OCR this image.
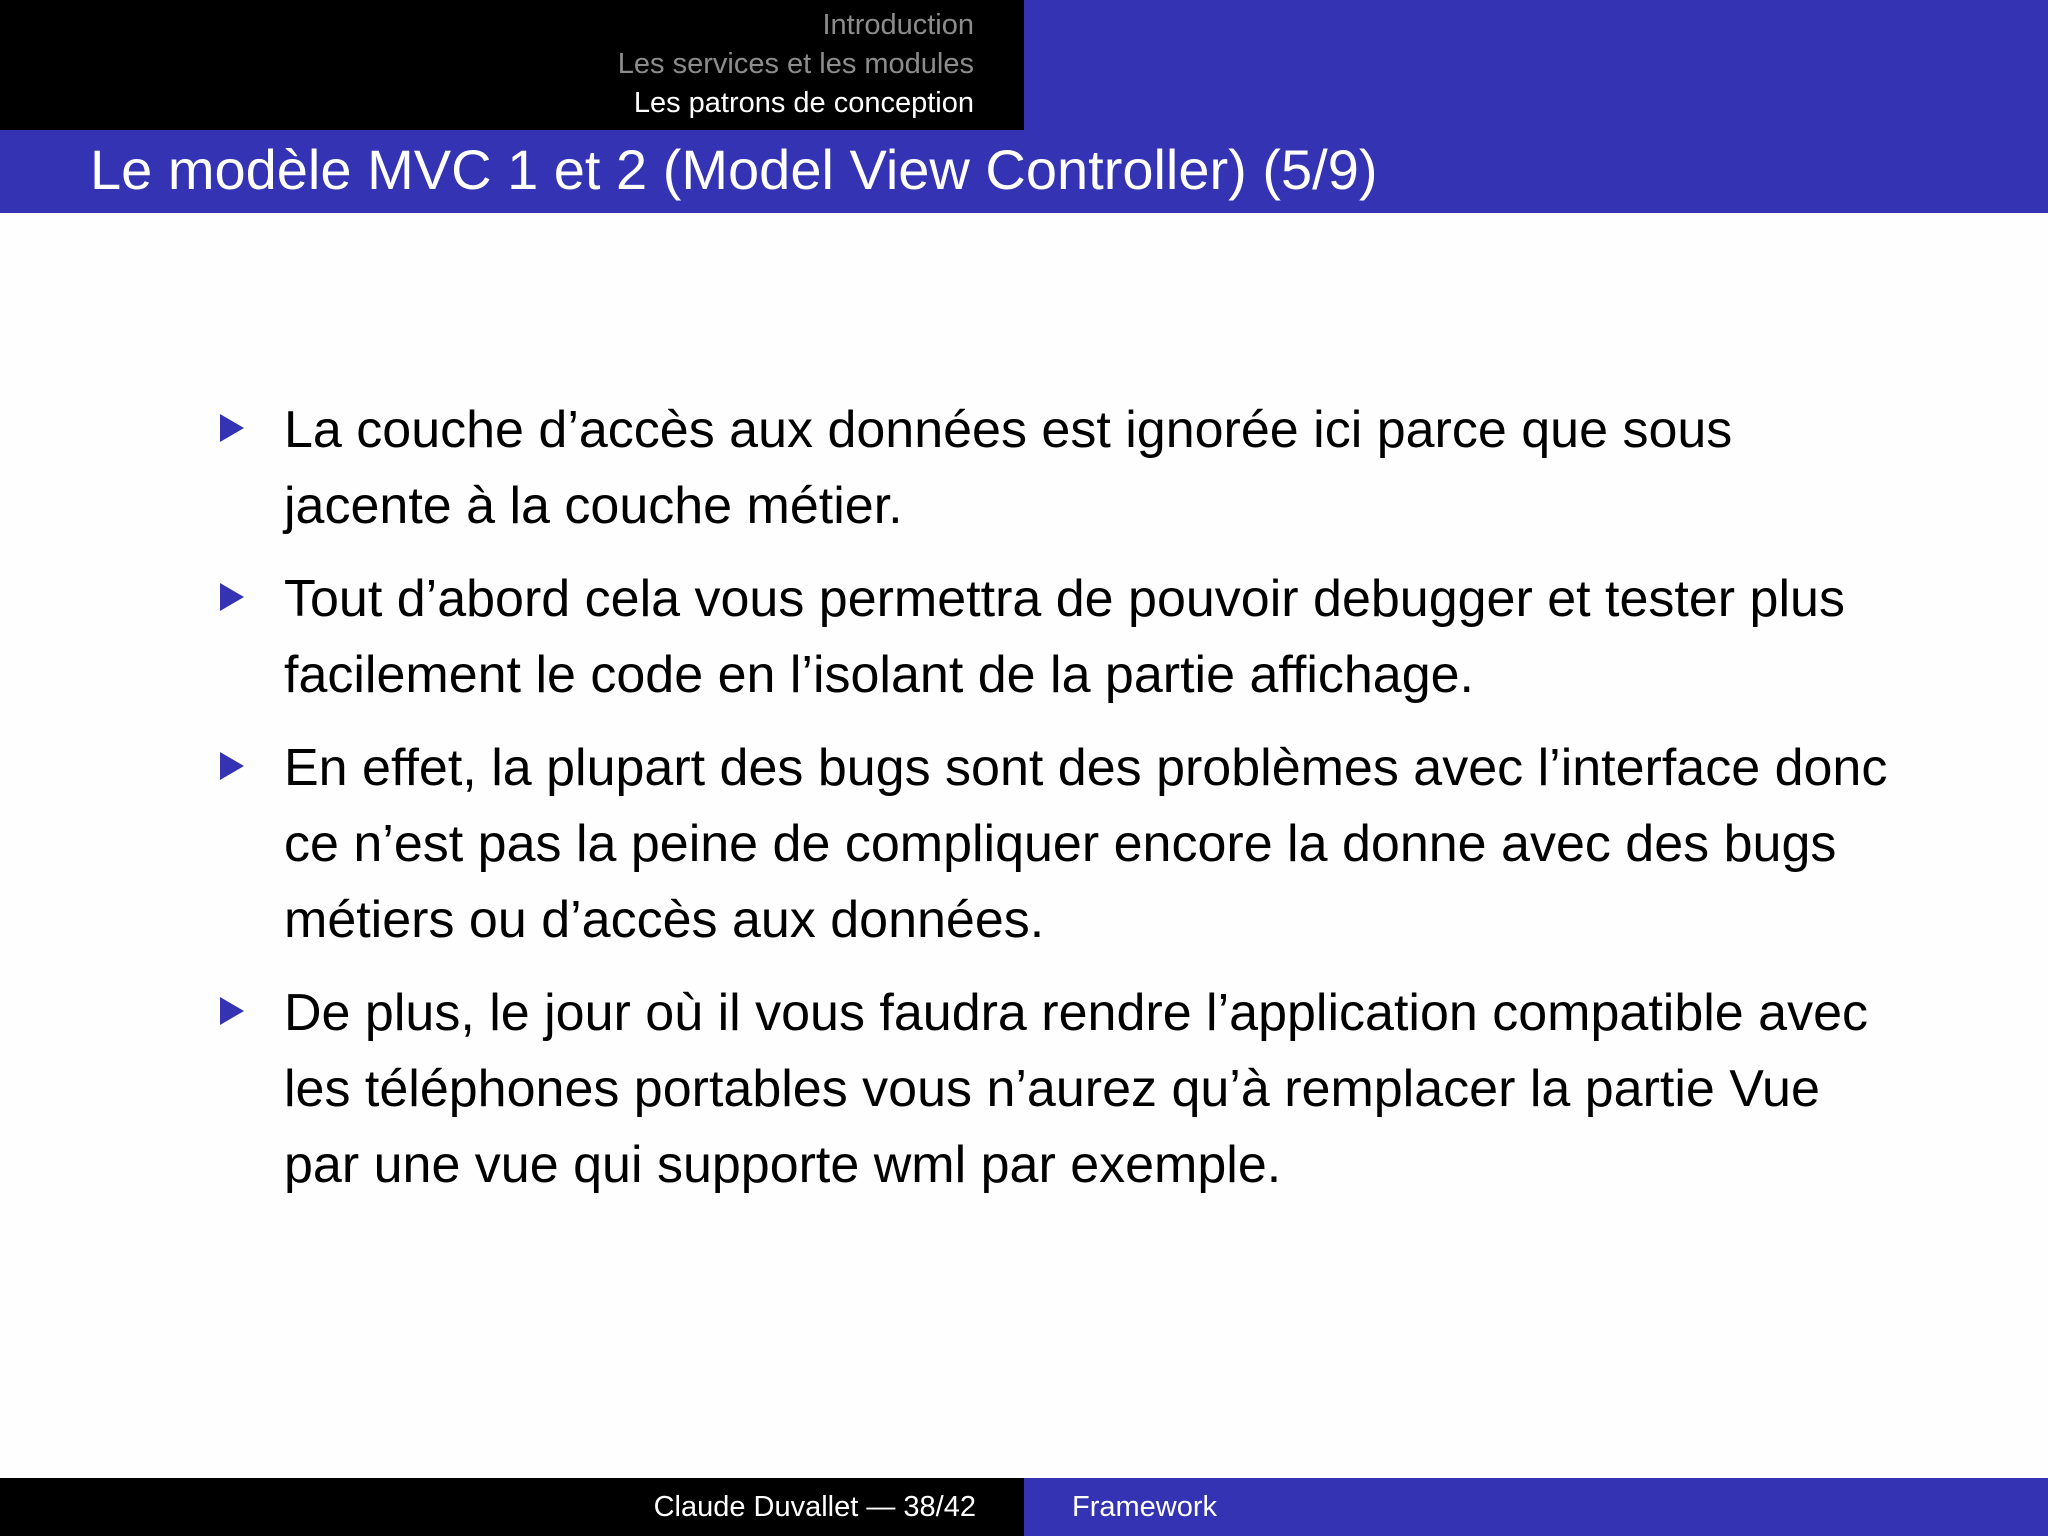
Introduction
Les services et les modules
Les patrons de conception
Le modèle MVC 1 et 2 (Model View Controller) (5/9)
La couche d’accès aux données est ignorée ici parce que sous jacente à la couche métier.
Tout d’abord cela vous permettra de pouvoir debugger et tester plus facilement le code en l’isolant de la partie affichage.
En effet, la plupart des bugs sont des problèmes avec l’interface donc ce n’est pas la peine de compliquer encore la donne avec des bugs métiers ou d’accès aux données.
De plus, le jour où il vous faudra rendre l’application compatible avec les téléphones portables vous n’aurez qu’à remplacer la partie Vue par une vue qui supporte wml par exemple.
Claude Duvallet — 38/42	Framework
